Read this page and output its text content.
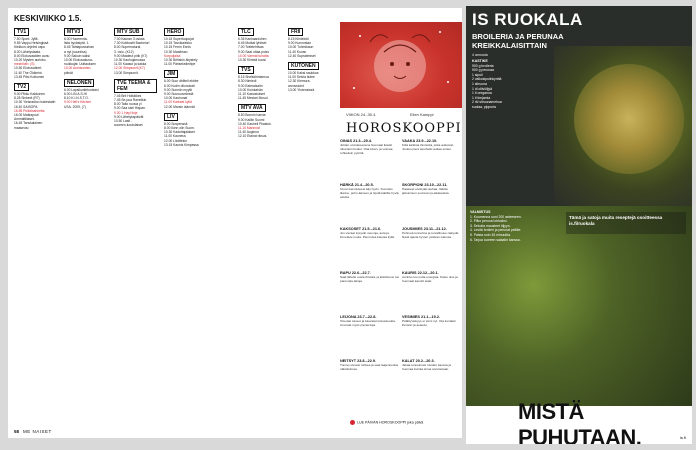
KESKIVIIKKO 1.5.
TV1
7.50 Sport: Jyllit-
9.55 Vappu Helsingissä
Kiekkon ohjelmi vapu
8.00 Lähetyslaata.
8.00 Elokuvaaiden aunu
10.20 Mysteri aurinko-
mestriloth: (S)
10.50 Elokuvatkert.
11.40 The Öldkeint.
13.45 Pitsi Kotkunen
TV2
9.00 Pikku Kakkonen
8.28 Sinkerit (R7)
10.30 Yleisradion hakestatin
16.40 SAISOPA
16.55 Pulkkisahnelta
16.00 Matkapuut
Ammattilaiset.
16.45 Tanskalainen
maaseutu
MTV3
6.00 Huomenta-
lista hyvästytä. 1.
8.45 Tahtaposturban
a nyt (suuntisa)
9.00 Sakuin saksi
10.00 Elokuvakuva-
ruukkujat: Uuttauksen
10.00 Aurinkoiden-
päivät
NELONEN
6.00 Lapsikurkirkunkasi
6.00 LIN.A.S.HI
8.10 K.I.N.S.T.O.
9.00 Hell's Kitchen
USA. 2009, (7)
MTV SUB
7.00 Kauran 3 osiota
7.30 Kotikostit Bachelori
8.00 Supernatural,
3. osio. (K12)
9.00 Maateut pirik (K7)
10.30 Kauhujamussa
11.00 Kaasut ja kakka
12.00 Simpsonit (K7)
13.00 Simpsonit.
TVE TEEMA & FEM
7.45 Brit Holkkikes
7.45 Se-pua Ravelikin.
8.00 Taito ruosia yl
9.00 Saa sisti Hispan.
9.30 1 Hayi linje
9.00 Lähetykspäivät
10.50 Lasit -
suomen-luodolaiset
HERO
10.15 Supertuopujat
10.15 Tavvikaiekko
10.15 Ferrin Exnis
10.30 Maailman
Korpuljaisa
10.30 Britiskin äkystely
11.00 Pärisekstimtipe
JIM
6.00 Suur dbliteli ekbbe
6.00 Kodin dilonokati
9.00 Surmiin myytti
9.00 Suuruusmiestä
10.00 Kauhunat
11.00 Karkeat kyllä
12.00 Marsin isännät
LIV
8.00 Suspenssit
8.00 Ikinn olin Suom.
10.30 Kadottajalaiset
11.00 Kauneus
12.00 Liioittelon
13.15 Kaunis Kimpassa
58 ME NAISET
TLC
6.35 Kankaanlohen
6.45 Mutkat lyhtiset
7.00 Tottelehtivas
9.00 Saat ottaa poiss
10.00 Varmat tuhatta
10.30 Kiinteä kuosi
TVS
8.15 Sheikkirintamua
8.30 Nimiedi
9.00 Eatmaisaitn
10.00 Kuinkahän
11.10 Kasvatukset
11.45 Mestari Mosui.
MTV AVA
8.50 Bonnin harvia
9.00 Kaillin Suomi
10.40 Kauheil Pkastuk.
11.10 Marinnat
11.40 Auginna
12.10 Etanat riksus.
FRII
8.15 Kiinteistö
9.00 Kunnostan
10.00 Tuhmikaun
11.40 Kuvan
12.40 Supratimiset
KUTONEN
10.00 Kaksi saukkoa
11.00 Selvia tiutee
12.30 Kiemura-
arvossioint
13.00 Yhdensissä
VIIKON 24.-30.4.	Eilen Kamppi
HOROSKOOPPI
OINAS 21.3.–20.4.
Juhlan ominaisuutena huomaat ikävät ulkonäön hetket. Otat kivan, ja voimaa rohkeiloin pyöritä.
HÄRKÄ 21.4.–20.5.
Oman kerrokseesi käy hyvin. Kuuntele tilanne, puhu ääneen ja löydä kaikille hyviä asioita.
KAKSOSET 21.5.–21.6.
Jos vieraat kysyvät neuvoja, auta ja ihmettele muita. Pieni idea kasvaa kyllä.
RAPU 22.6.–22.7.
Saat lähelle uusia ihmisiä, ja kiitollisuus tuo parempia aikoja.
LEIJONA 23.7.–22.8.
Toteutat toiveet ja kasvatat tulevaisuutta. Arvostat myös pieniä iloja.
NEITSYT 23.8.–22.9.
Tunnet olevasi rohkea ja saat laajennettua näkökulmaa.
VAAKA 23.9.–22.10.
Kiitä kaikista ihmisistä, jotka auttoivat. Joskus pieni lepohetki auttaa eniten.
SKORPIONI 23.10.–22.11.
Haasteet eivät jää rauhaa. Valitse jatkumisen suunnan ja aikatauluta.
JOUSIMIES 23.11.–21.12.
Pehmeä tunnelma ja turvallisuus näkyvät. Nauti ajasta hyvien ystävien kanssa.
KAURIS 22.12.–20.1.
Aurinko tuo uutta energiaa. Katso ulos ja huomaat kauniit asiat.
VESIMIES 21.1.–19.2.
Pidättyväisyys ei toimi nyt. Ota kontakti ihmisiin ja avaudu.
KALAT 20.2.–20.3.
Jakaa tunnelmasi muiden kanssa ja huomaa kuinka sinua arvostetaan.
LUE PÄIVÄN HOROSKOOPPI joka päivä
IS RUOKALA
BROILERIA JA PERUNAA
KREIKKALAISITTAIN
4 annosta
KASTIKE
900 g broileria
500 g perunaa
1 sipuli
2 valkosipulinkynttä
1 sitruuna
1 dl oliiviöljyä
1 tl oreganoa
1 tl timjamia
2 rkl sitruunamehua
suolaa, pippuria
VALMISTUS
1. Kuumenna uuni 200 asteeseen.
2. Pilko peruna lohkoiksi.
3. Sekoita mausteet öljyyn.
4. Levitä broileri ja perunat pellille.
5. Paista noin 45 minuuttia.
6. Tarjoa tuoreen salaatin kanssa.
Tämä ja satoja muita reseptejä osoitteessa is.fi/ruokala
MISTÄ PUHUTAAN.	is.fi
